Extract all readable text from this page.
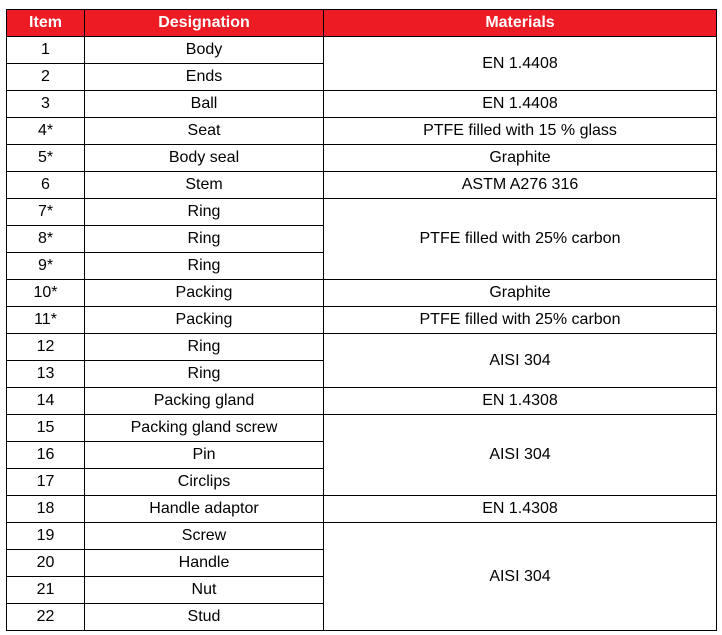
Item	Designation	Materials
1	Body	EN 1.4408
2	Ends	
3	Ball	EN 1.4408
4*	Seat	PTFE filled with 15 % glass
5*	Body seal	Graphite
6	Stem	ASTM A276 316
7*	Ring	PTFE filled with 25% carbon
8*	Ring	
9*	Ring	
10*	Packing	Graphite
11*	Packing	PTFE filled with 25% carbon
12	Ring	AISI 304
13	Ring	
14	Packing gland	EN 1.4308
15	Packing gland screw	AISI 304
16	Pin	
17	Circlips	
18	Handle adaptor	EN 1.4308
19	Screw	AISI 304
20	Handle	
21	Nut	
22	Stud	
